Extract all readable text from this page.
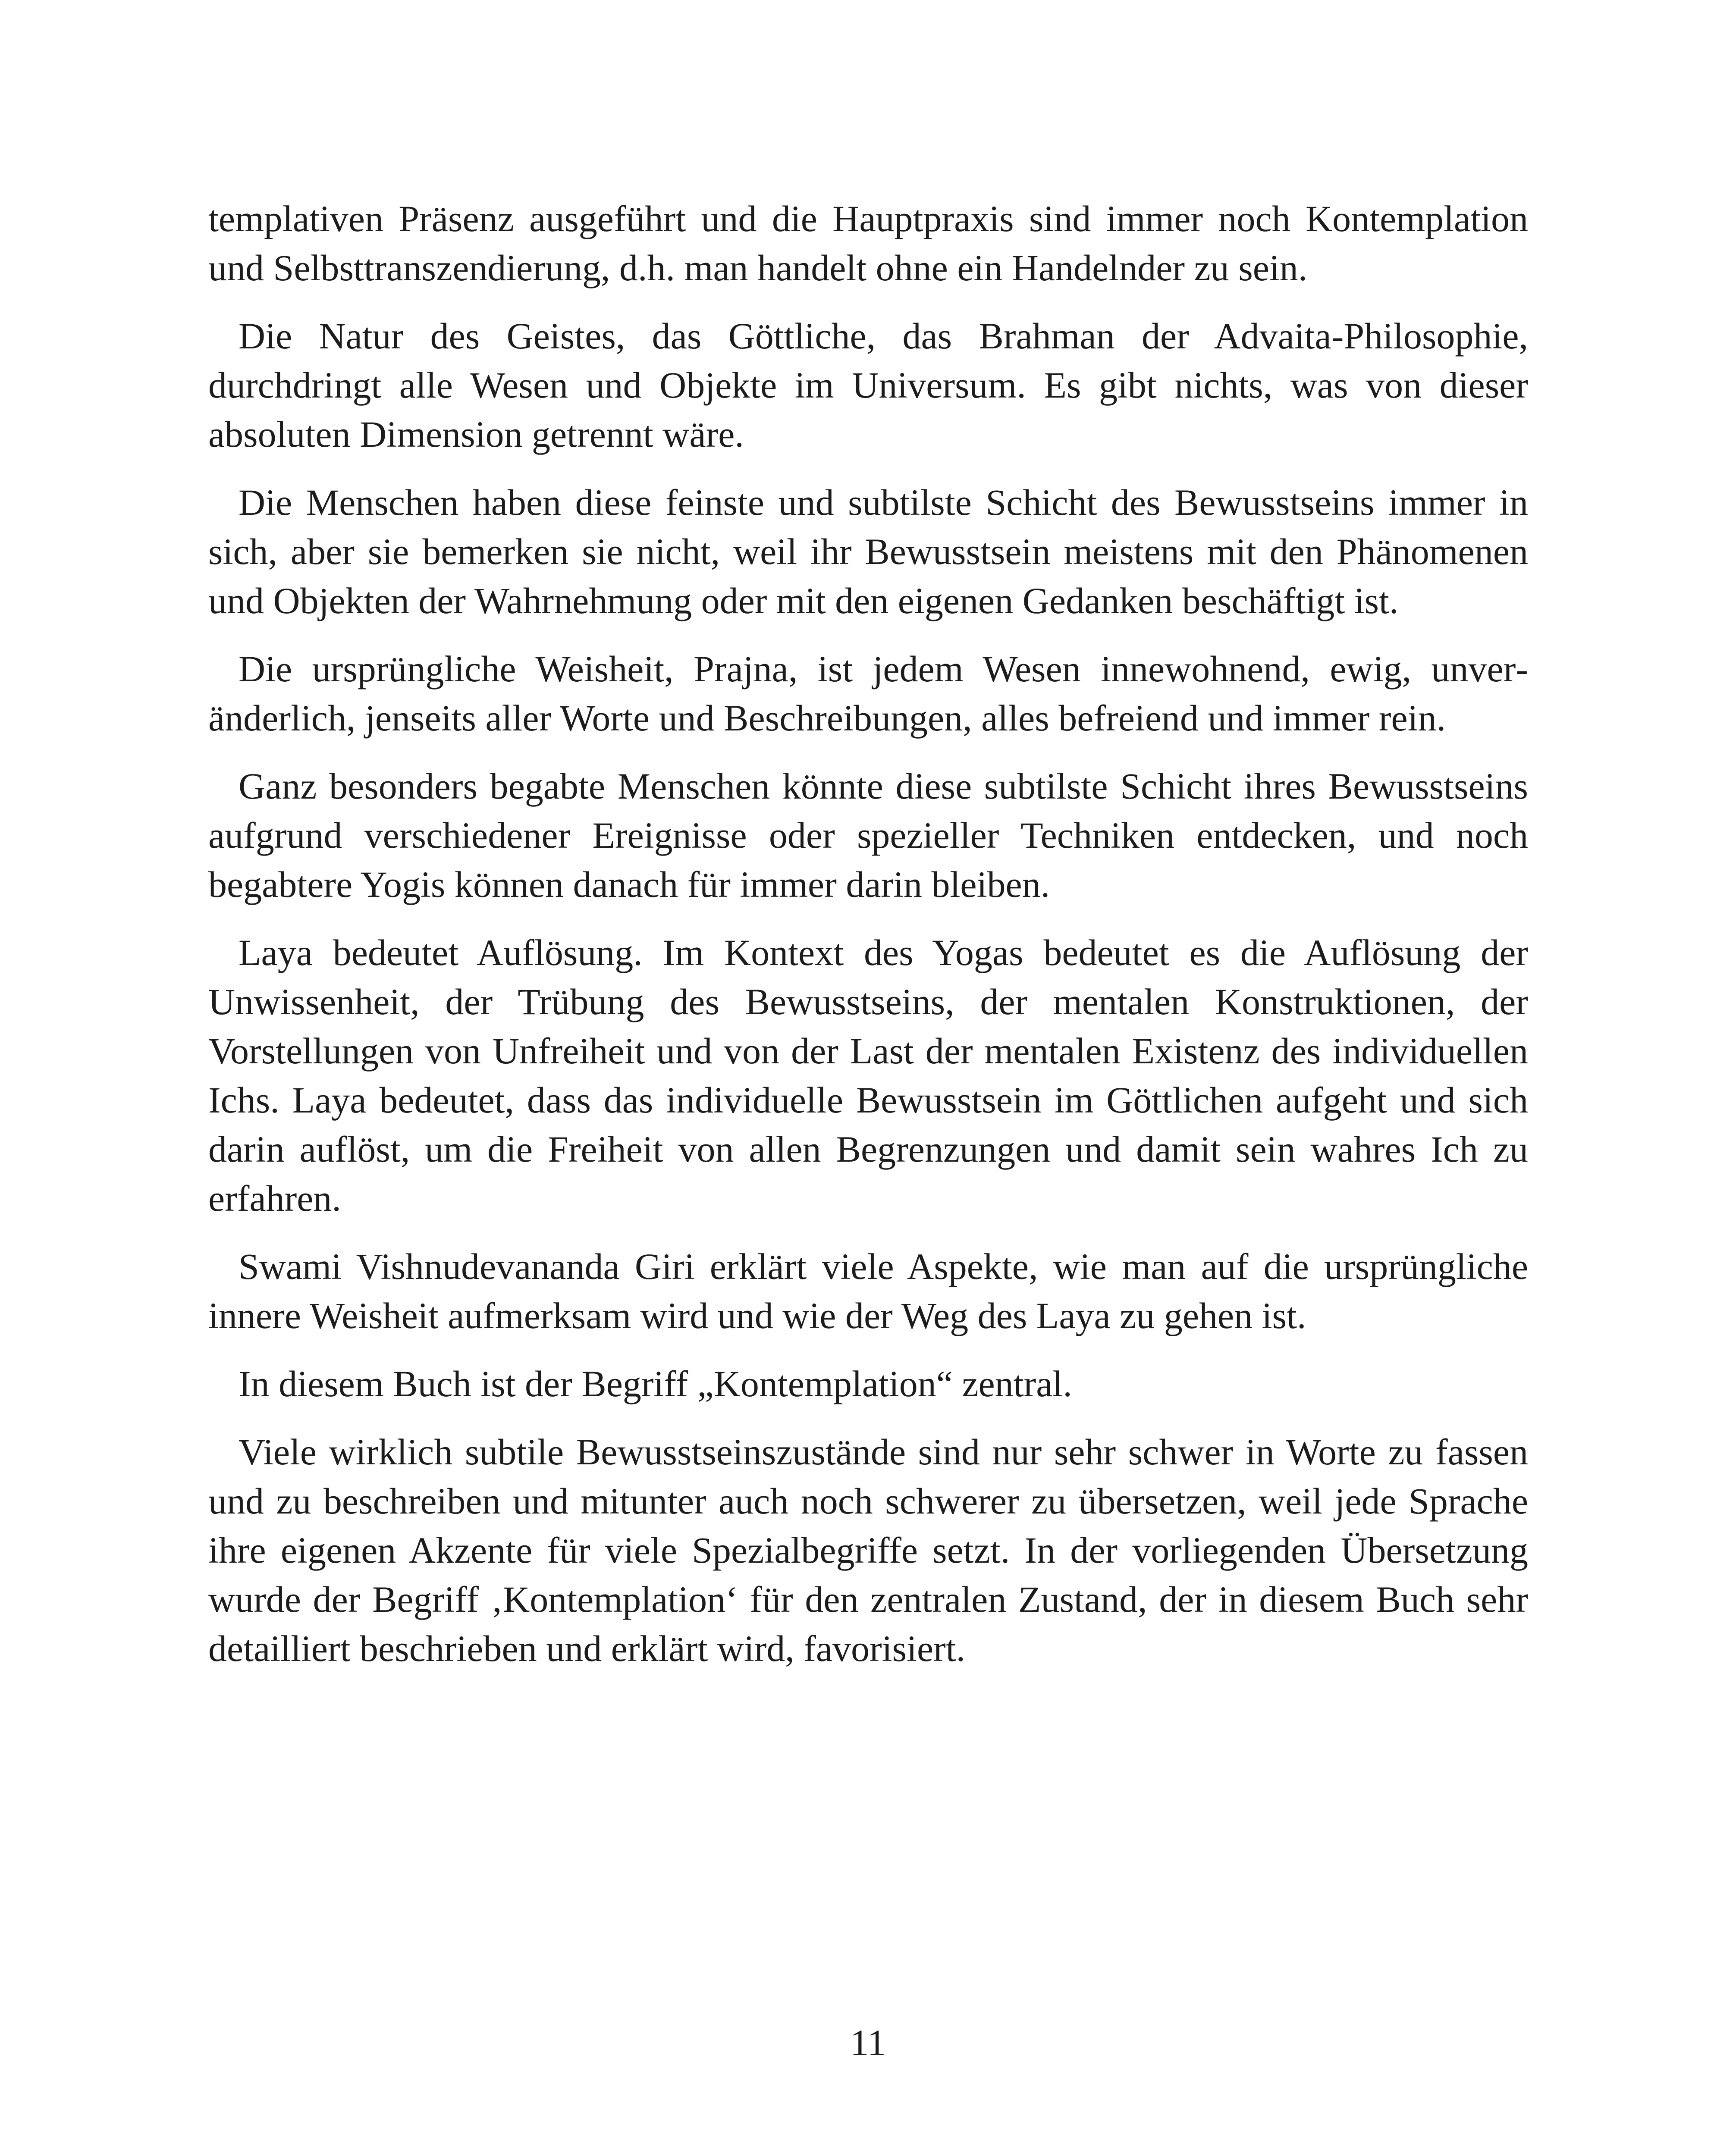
templativen Präsenz ausgeführt und die Hauptpraxis sind immer noch Kontemplation und Selbsttranszendierung, d.h. man handelt ohne ein Handelnder zu sein.

Die Natur des Geistes, das Göttliche, das Brahman der Advaita-Philosophie, durchdringt alle Wesen und Objekte im Universum. Es gibt nichts, was von dieser absoluten Dimension getrennt wäre.

Die Menschen haben diese feinste und subtilste Schicht des Bewusstseins immer in sich, aber sie bemerken sie nicht, weil ihr Bewusstsein meistens mit den Phänomenen und Objekten der Wahrnehmung oder mit den eigenen Gedanken beschäftigt ist.

Die ursprüngliche Weisheit, Prajna, ist jedem Wesen innewohnend, ewig, unveränderlich, jenseits aller Worte und Beschreibungen, alles befreiend und immer rein.

Ganz besonders begabte Menschen könnte diese subtilste Schicht ihres Bewusstseins aufgrund verschiedener Ereignisse oder spezieller Techniken entdecken, und noch begabtere Yogis können danach für immer darin bleiben.

Laya bedeutet Auflösung. Im Kontext des Yogas bedeutet es die Auflösung der Unwissenheit, der Trübung des Bewusstseins, der mentalen Konstruktionen, der Vorstellungen von Unfreiheit und von der Last der mentalen Existenz des individuellen Ichs. Laya bedeutet, dass das individuelle Bewusstsein im Göttlichen aufgeht und sich darin auflöst, um die Freiheit von allen Begrenzungen und damit sein wahres Ich zu erfahren.

Swami Vishnudevananda Giri erklärt viele Aspekte, wie man auf die ursprüngliche innere Weisheit aufmerksam wird und wie der Weg des Laya zu gehen ist.

In diesem Buch ist der Begriff „Kontemplation“ zentral.

Viele wirklich subtile Bewusstseinszustände sind nur sehr schwer in Worte zu fassen und zu beschreiben und mitunter auch noch schwerer zu übersetzen, weil jede Sprache ihre eigenen Akzente für viele Spezialbegriffe setzt. In der vorliegenden Übersetzung wurde der Begriff ‚Kontemplation‘ für den zentralen Zustand, der in diesem Buch sehr detailliert beschrieben und erklärt wird, favorisiert.

11
